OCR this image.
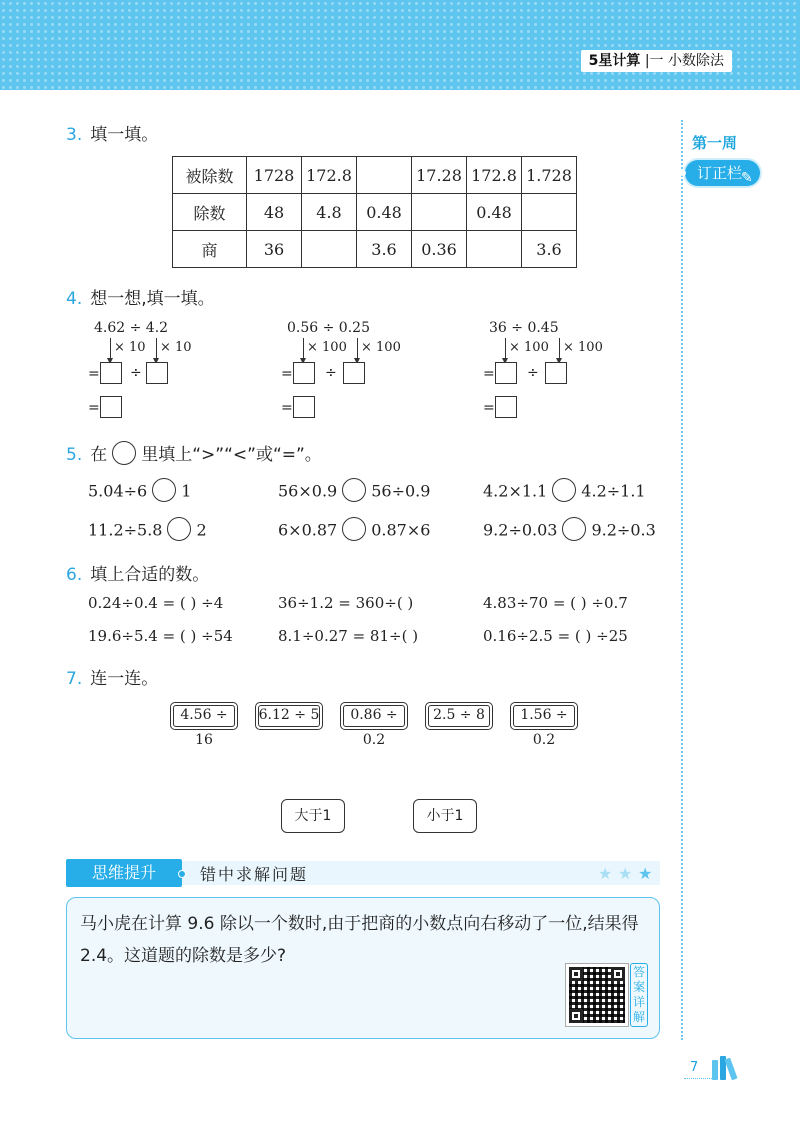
5星计算 |一 小数除法
第一周
订正栏
✎
3. 填一填。
被除数	1728	172.8		17.28	172.8	1.728
除数	48	4.8	0.48		0.48	
商	36		3.6	0.36		3.6
4. 想一想,填一填。
4.62 ÷ 4.2
× 10 × 10
= ÷
=
0.56 ÷ 0.25
× 100 × 100
= ÷
=
36 ÷ 0.45
× 100 × 100
= ÷
=
5. 在 里填上“>”“<”或“=”。
5.04÷6 1	56×0.9 56÷0.9	4.2×1.1 4.2÷1.1
11.2÷5.8 2	6×0.87 0.87×6	9.2÷0.03 9.2÷0.3
6. 填上合适的数。
0.24÷0.4 = ( ) ÷4	36÷1.2 = 360÷( )	4.83÷70 = ( ) ÷0.7
19.6÷5.4 = ( ) ÷54	8.1÷0.27 = 81÷( )	0.16÷2.5 = ( ) ÷25
7. 连一连。
4.56 ÷ 16
6.12 ÷ 5	0.86 ÷ 0.2
2.5 ÷ 8	1.56 ÷ 0.2
大于1	小于1
思维提升	错中求解问题	★ ★ ★
马小虎在计算 9.6 除以一个数时,由于把商的小数点向右移动了一位,结果得 2.4。这道题的除数是多少?
答案详解
7
